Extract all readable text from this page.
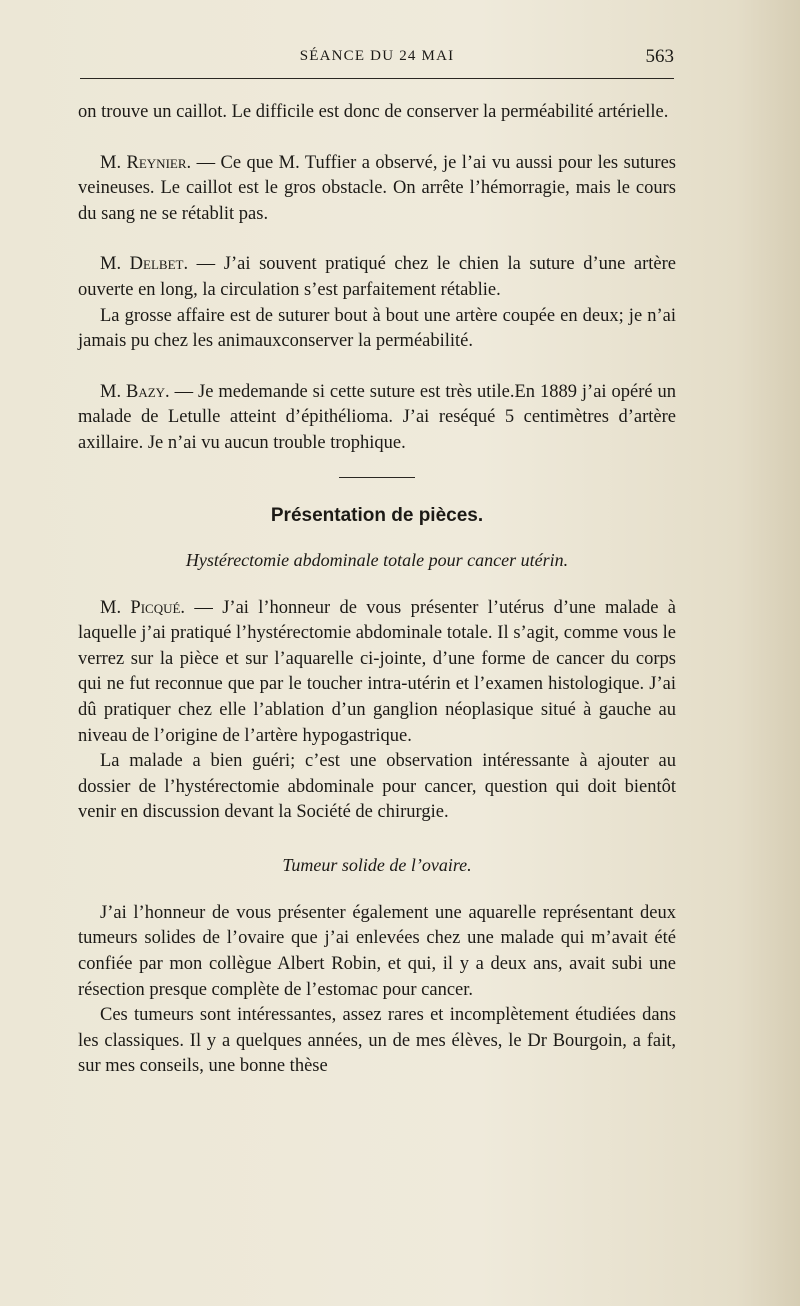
SÉANCE DU 24 MAI	563

on trouve un caillot. Le difficile est donc de conserver la perméabilité artérielle.

M. Reynier. — Ce que M. Tuffier a observé, je l’ai vu aussi pour les sutures veineuses. Le caillot est le gros obstacle. On arrête l’hémorragie, mais le cours du sang ne se rétablit pas.

M. Delbet. — J’ai souvent pratiqué chez le chien la suture d’une artère ouverte en long, la circulation s’est parfaitement rétablie.

La grosse affaire est de suturer bout à bout une artère coupée en deux; je n’ai jamais pu chez les animauxconserver la perméabilité.

M. Bazy. — Je medemande si cette suture est très utile.En 1889 j’ai opéré un malade de Letulle atteint d’épithélioma. J’ai reséqué 5 centimètres d’artère axillaire. Je n’ai vu aucun trouble trophique.

Présentation de pièces.
Hystérectomie abdominale totale pour cancer utérin.

M. Picqué. — J’ai l’honneur de vous présenter l’utérus d’une malade à laquelle j’ai pratiqué l’hystérectomie abdominale totale. Il s’agit, comme vous le verrez sur la pièce et sur l’aquarelle ci-jointe, d’une forme de cancer du corps qui ne fut reconnue que par le toucher intra-utérin et l’examen histologique. J’ai dû pratiquer chez elle l’ablation d’un ganglion néoplasique situé à gauche au niveau de l’origine de l’artère hypogastrique.

La malade a bien guéri; c’est une observation intéressante à ajouter au dossier de l’hystérectomie abdominale pour cancer, question qui doit bientôt venir en discussion devant la Société de chirurgie.

Tumeur solide de l’ovaire.

J’ai l’honneur de vous présenter également une aquarelle représentant deux tumeurs solides de l’ovaire que j’ai enlevées chez une malade qui m’avait été confiée par mon collègue Albert Robin, et qui, il y a deux ans, avait subi une résection presque complète de l’estomac pour cancer.

Ces tumeurs sont intéressantes, assez rares et incomplètement étudiées dans les classiques. Il y a quelques années, un de mes élèves, le Dr Bourgoin, a fait, sur mes conseils, une bonne thèse
